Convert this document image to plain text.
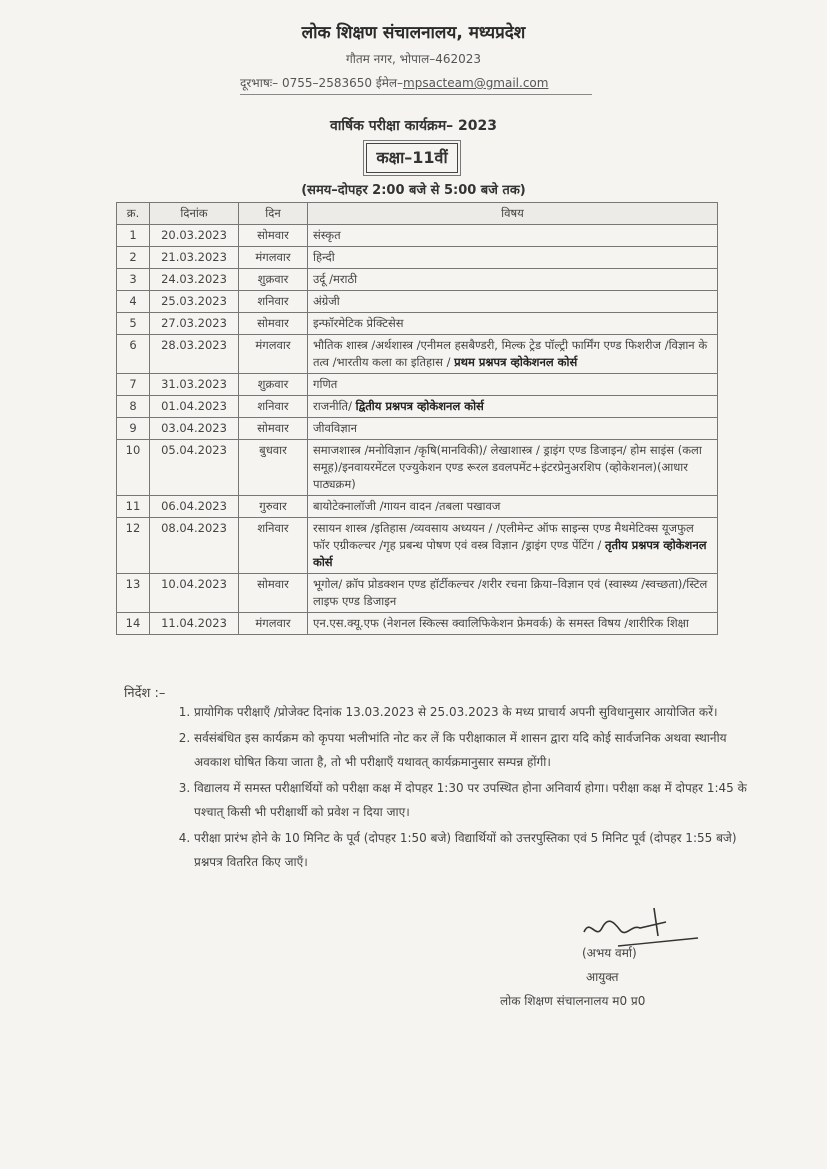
लोक शिक्षण संचालनालय, मध्यप्रदेश
गौतम नगर, भोपाल–462023
दूरभाषः– 0755–2583650 ईमेल–mpsacteam@gmail.com
वार्षिक परीक्षा कार्यक्रम– 2023
कक्षा–11वीं
(समय–दोपहर 2:00 बजे से 5:00 बजे तक)
क्र.	दिनांक	दिन	विषय
1	20.03.2023	सोमवार	संस्कृत
2	21.03.2023	मंगलवार	हिन्दी
3	24.03.2023	शुक्रवार	उर्दू /मराठी
4	25.03.2023	शनिवार	अंग्रेजी
5	27.03.2023	सोमवार	इन्फॉरमेटिक प्रेक्टिसेस
6	28.03.2023	मंगलवार	भौतिक शास्त्र /अर्थशास्त्र /एनीमल हसबैण्डरी, मिल्क ट्रेड पॉल्ट्री फार्मिंग एण्ड फिशरीज /विज्ञान के तत्व /भारतीय कला का इतिहास / प्रथम प्रश्नपत्र व्होकेशनल कोर्स
7	31.03.2023	शुक्रवार	गणित
8	01.04.2023	शनिवार	राजनीति/ द्वितीय प्रश्नपत्र व्होकेशनल कोर्स
9	03.04.2023	सोमवार	जीवविज्ञान
10	05.04.2023	बुधवार	समाजशास्त्र /मनोविज्ञान /कृषि(मानविकी)/ लेखाशास्त्र / ड्राइंग एण्ड डिजाइन/ होम साइंस (कला समूह)/इनवायरमेंटल एज्युकेशन एण्ड रूरल डवलपमेंट+इंटरप्रेनुअरशिप (व्होकेशनल)(आधार पाठ्यक्रम)
11	06.04.2023	गुरुवार	बायोटेक्नालॉजी /गायन वादन /तबला पखावज
12	08.04.2023	शनिवार	रसायन शास्त्र /इतिहास /व्यवसाय अध्ययन / /एलीमेन्ट ऑफ साइन्स एण्ड मैथमेटिक्स यूजफुल फॉर एग्रीकल्चर /गृह प्रबन्ध पोषण एवं वस्त्र विज्ञान /ड्राइंग एण्ड पेंटिंग / तृतीय प्रश्नपत्र व्होकेशनल कोर्स
13	10.04.2023	सोमवार	भूगोल/ क्रॉप प्रोडक्शन एण्ड हॉर्टीकल्चर /शरीर रचना क्रिया–विज्ञान एवं (स्वास्थ्य /स्वच्छता)/स्टिल लाइफ एण्ड डिजाइन
14	11.04.2023	मंगलवार	एन.एस.क्यू.एफ (नेशनल स्किल्स क्वालिफिकेशन फ्रेमवर्क) के समस्त विषय /शारीरिक शिक्षा
निर्देश :–
1. प्रायोगिक परीक्षाएँ /प्रोजेक्ट दिनांक 13.03.2023 से 25.03.2023 के मध्य प्राचार्य अपनी सुविधानुसार आयोजित करें।
2. सर्वसंबंधित इस कार्यक्रम को कृपया भलीभांति नोट कर लें कि परीक्षाकाल में शासन द्वारा यदि कोई सार्वजनिक अथवा स्थानीय अवकाश घोषित किया जाता है, तो भी परीक्षाएँ यथावत् कार्यक्रमानुसार सम्पन्न होंगी।
3. विद्यालय में समस्त परीक्षार्थियों को परीक्षा कक्ष में दोपहर 1:30 पर उपस्थित होना अनिवार्य होगा। परीक्षा कक्ष में दोपहर 1:45 के पश्चात् किसी भी परीक्षार्थी को प्रवेश न दिया जाए।
4. परीक्षा प्रारंभ होने के 10 मिनिट के पूर्व (दोपहर 1:50 बजे) विद्यार्थियों को उत्तरपुस्तिका एवं 5 मिनिट पूर्व (दोपहर 1:55 बजे) प्रश्नपत्र वितरित किए जाएँ।
(अभय वर्मा)
आयुक्त
लोक शिक्षण संचालनालय म0 प्र0
